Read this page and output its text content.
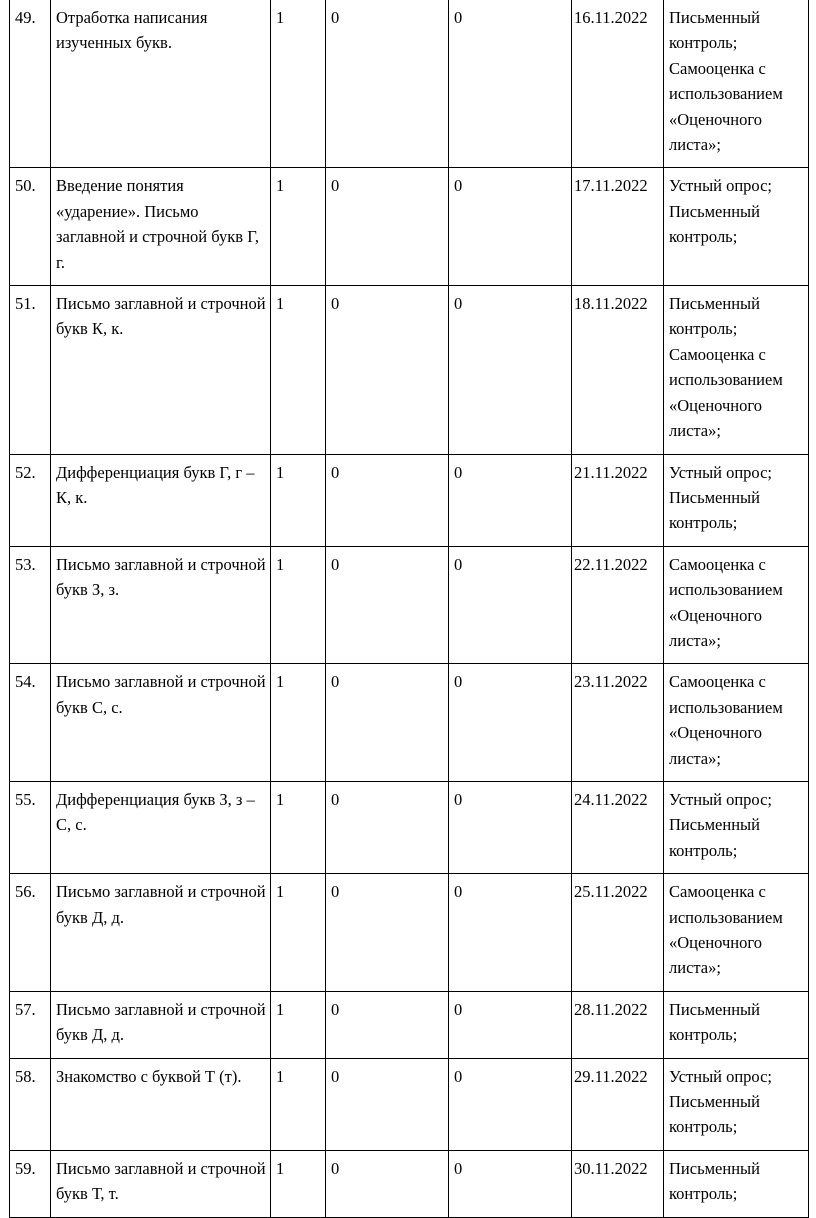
49.	Отработка написания изученных букв.	1	0	0	16.11.2022	Письменный контроль; Самооценка с использованием «Оценочного листа»;
50.	Введение понятия «ударение». Письмо заглавной и строчной букв Г, г.	1	0	0	17.11.2022	Устный опрос; Письменный контроль;
51.	Письмо заглавной и строчной букв К, к.	1	0	0	18.11.2022	Письменный контроль; Самооценка с использованием «Оценочного листа»;
52.	Дифференциация букв Г, г – К, к.	1	0	0	21.11.2022	Устный опрос; Письменный контроль;
53.	Письмо заглавной и строчной букв З, з.	1	0	0	22.11.2022	Самооценка с использованием «Оценочного листа»;
54.	Письмо заглавной и строчной букв С, с.	1	0	0	23.11.2022	Самооценка с использованием «Оценочного листа»;
55.	Дифференциация букв З, з – С, с.	1	0	0	24.11.2022	Устный опрос; Письменный контроль;
56.	Письмо заглавной и строчной букв Д, д.	1	0	0	25.11.2022	Самооценка с использованием «Оценочного листа»;
57.	Письмо заглавной и строчной букв Д, д.	1	0	0	28.11.2022	Письменный контроль;
58.	Знакомство с буквой Т (т).	1	0	0	29.11.2022	Устный опрос; Письменный контроль;
59.	Письмо заглавной и строчной букв Т, т.	1	0	0	30.11.2022	Письменный контроль;
